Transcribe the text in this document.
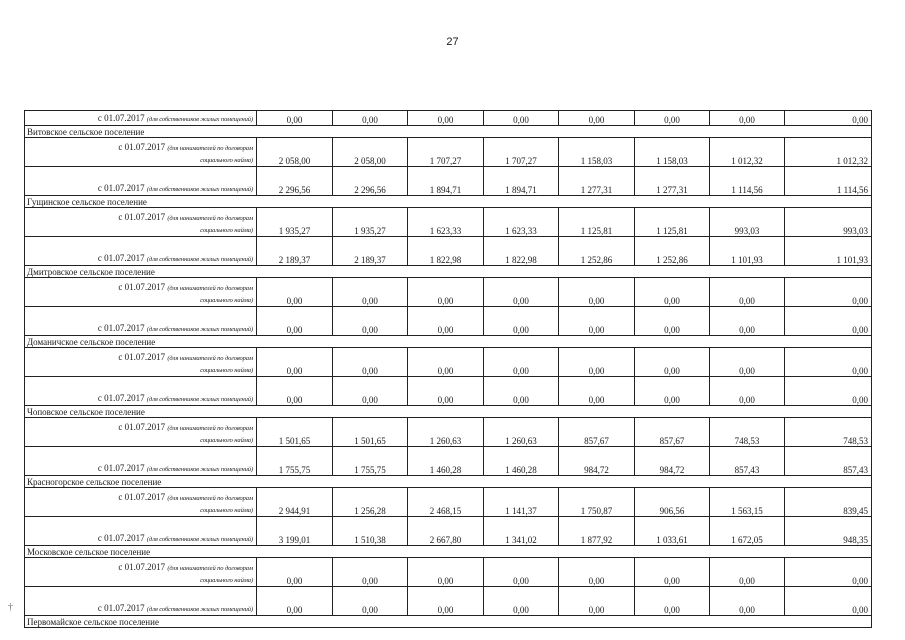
27
†
с 01.07.2017 (для собственников жилых помещений)	0,00	0,00	0,00	0,00	0,00	0,00	0,00	0,00
Витовское сельское поселение								

с 01.07.2017 (для нанимателей по договорам
социального найма)	2 058,00	2 058,00	1 707,27	1 707,27	1 158,03	1 158,03	1 012,32	1 012,32
с 01.07.2017 (для собственников жилых помещений)	2 296,56	2 296,56	1 894,71	1 894,71	1 277,31	1 277,31	1 114,56	1 114,56
Гущинское сельское поселение								

с 01.07.2017 (для нанимателей по договорам
социального найма)	1 935,27	1 935,27	1 623,33	1 623,33	1 125,81	1 125,81	993,03	993,03
с 01.07.2017 (для собственников жилых помещений)	2 189,37	2 189,37	1 822,98	1 822,98	1 252,86	1 252,86	1 101,93	1 101,93
Дмитровское сельское поселение								

с 01.07.2017 (для нанимателей по договорам
социального найма)	0,00	0,00	0,00	0,00	0,00	0,00	0,00	0,00
с 01.07.2017 (для собственников жилых помещений)	0,00	0,00	0,00	0,00	0,00	0,00	0,00	0,00
Доманичское сельское поселение								

с 01.07.2017 (для нанимателей по договорам
социального найма)	0,00	0,00	0,00	0,00	0,00	0,00	0,00	0,00
с 01.07.2017 (для собственников жилых помещений)	0,00	0,00	0,00	0,00	0,00	0,00	0,00	0,00
Чоповское сельское поселение								

с 01.07.2017 (для нанимателей по договорам
социального найма)	1 501,65	1 501,65	1 260,63	1 260,63	857,67	857,67	748,53	748,53
с 01.07.2017 (для собственников жилых помещений)	1 755,75	1 755,75	1 460,28	1 460,28	984,72	984,72	857,43	857,43
Красногорское сельское поселение								

с 01.07.2017 (для нанимателей по договорам
социального найма)	2 944,91	1 256,28	2 468,15	1 141,37	1 750,87	906,56	1 563,15	839,45
с 01.07.2017 (для собственников жилых помещений)	3 199,01	1 510,38	2 667,80	1 341,02	1 877,92	1 033,61	1 672,05	948,35
Московское сельское поселение								

с 01.07.2017 (для нанимателей по договорам
социального найма)	0,00	0,00	0,00	0,00	0,00	0,00	0,00	0,00
с 01.07.2017 (для собственников жилых помещений)	0,00	0,00	0,00	0,00	0,00	0,00	0,00	0,00
Первомайское сельское поселение								
